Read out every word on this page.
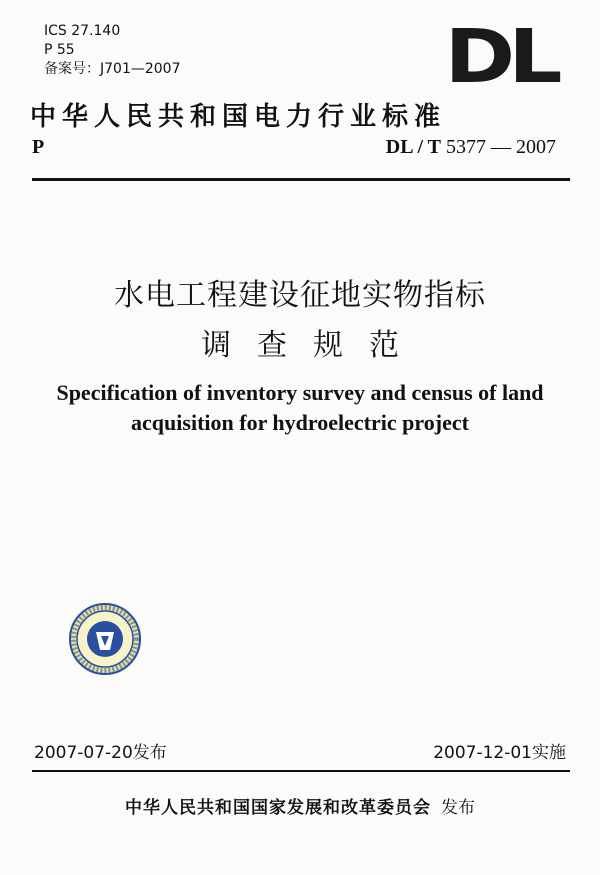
ICS 27.140
P 55
备案号：J701—2007	DL
中华人民共和国电力行业标准
P	DL / T 5377 — 2007
水电工程建设征地实物指标
调查规范
Specification of inventory survey and census of land
acquisition for hydroelectric project
2007-07-20发布	2007-12-01实施
中华人民共和国国家发展和改革委员会 发布
